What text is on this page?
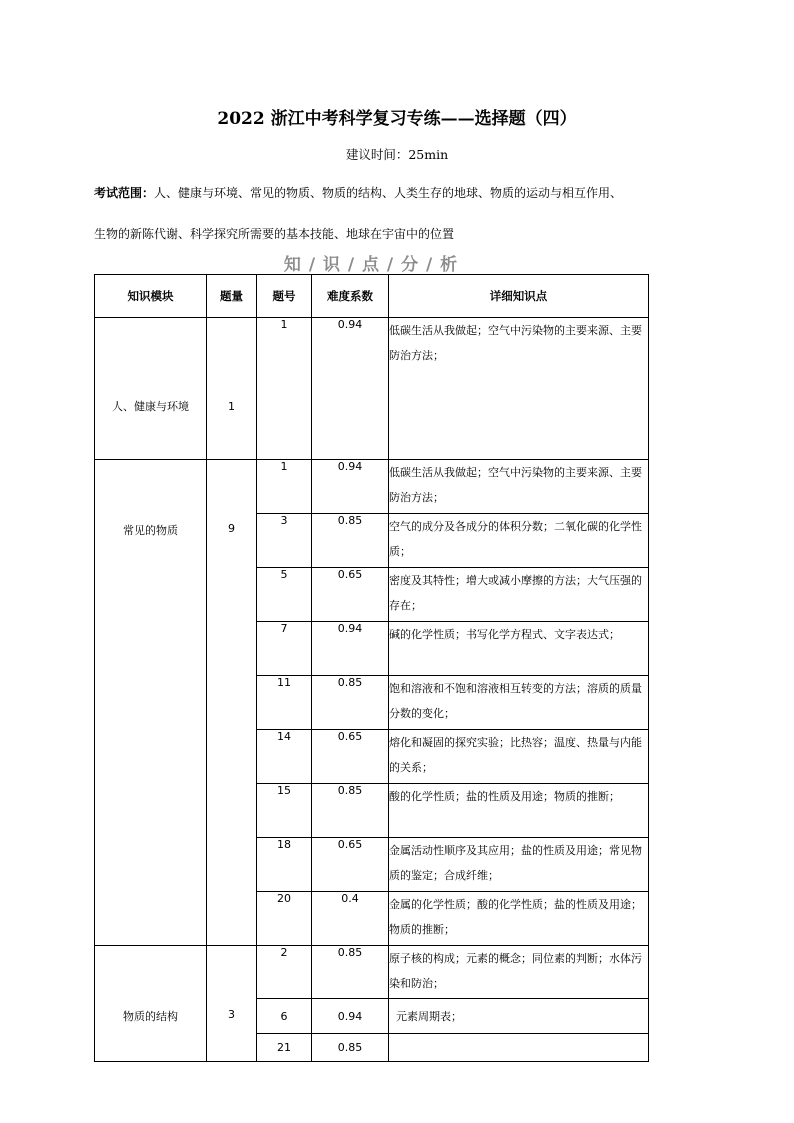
2022 浙江中考科学复习专练——选择题（四）
建议时间：25min
考试范围：人、健康与环境、常见的物质、物质的结构、人类生存的地球、物质的运动与相互作用、
生物的新陈代谢、科学探究所需要的基本技能、地球在宇宙中的位置
知 / 识 / 点 / 分 / 析
知识模块	题量	题号	难度系数	详细知识点
人、健康与环境	1	1	0.94	低碳生活从我做起；空气中污染物的主要来源、主要防治方法；
常见的物质	9	1	0.94	低碳生活从我做起；空气中污染物的主要来源、主要防治方法；
		3	0.85	空气的成分及各成分的体积分数；二氧化碳的化学性质；
		5	0.65	密度及其特性；增大或减小摩擦的方法；大气压强的存在；
		7	0.94	碱的化学性质；书写化学方程式、文字表达式；
		11	0.85	饱和溶液和不饱和溶液相互转变的方法；溶质的质量分数的变化；
		14	0.65	熔化和凝固的探究实验；比热容；温度、热量与内能的关系；
		15	0.85	酸的化学性质；盐的性质及用途；物质的推断；
		18	0.65	金属活动性顺序及其应用；盐的性质及用途；常见物质的鉴定；合成纤维；
		20	0.4	金属的化学性质；酸的化学性质；盐的性质及用途；物质的推断；
物质的结构	3	2	0.85	原子核的构成；元素的概念；同位素的判断；水体污染和防治；
		6	0.94	元素周期表；
		21	0.85	
